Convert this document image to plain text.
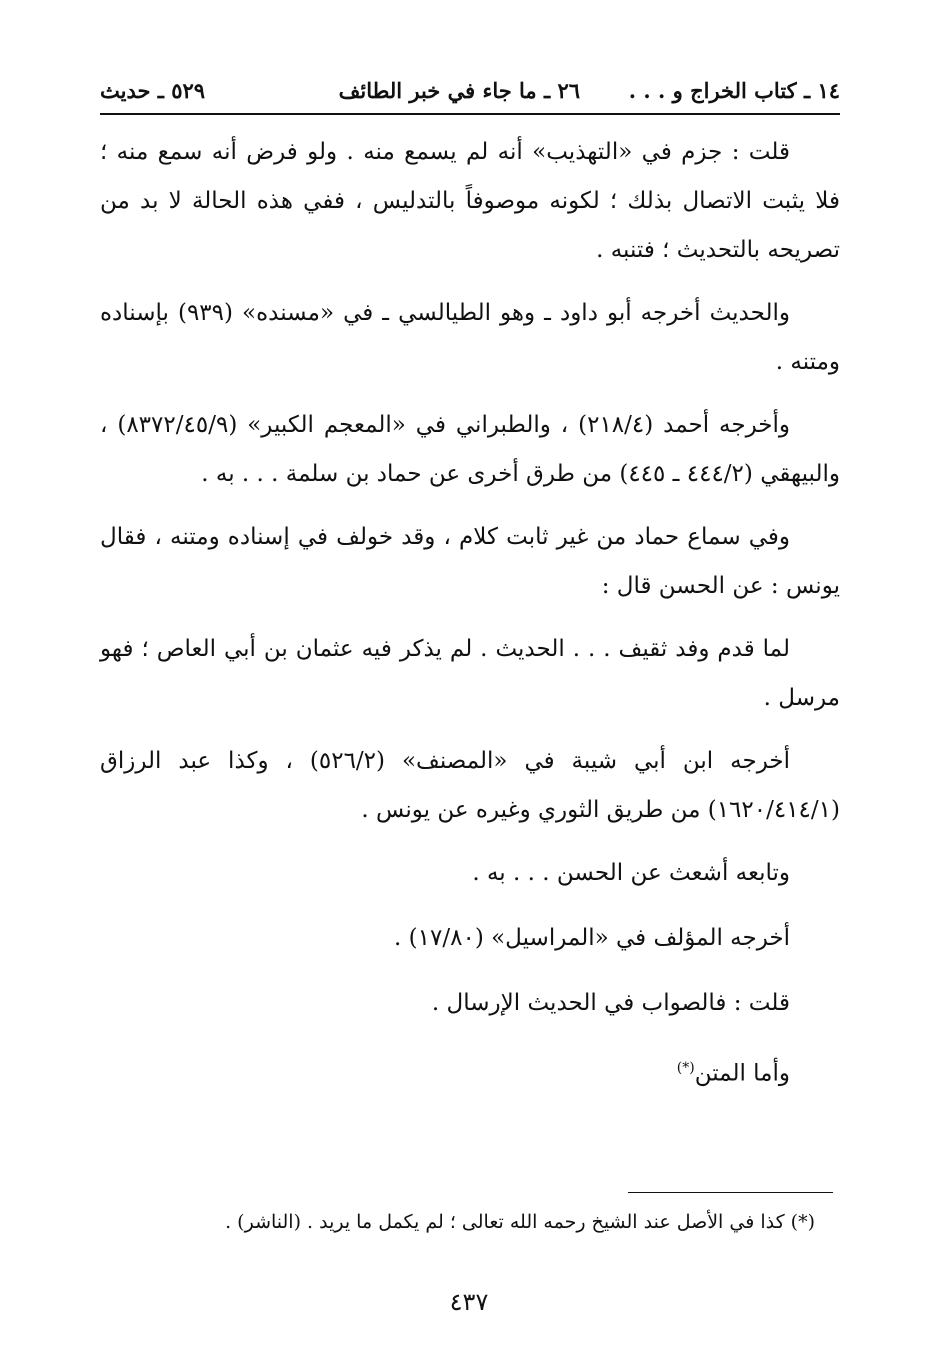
١٤ ـ كتاب الخراج و . . .
٢٦ ـ ما جاء في خبر الطائف
٥٢٩ ـ حديث

قلت : جزم في «التهذيب» أنه لم يسمع منه . ولو فرض أنه سمع منه ؛ فلا يثبت الاتصال بذلك ؛ لكونه موصوفاً بالتدليس ، ففي هذه الحالة لا بد من تصريحه بالتحديث ؛ فتنبه .

والحديث أخرجه أبو داود ـ وهو الطيالسي ـ في «مسنده» (٩٣٩) بإسناده ومتنه .

وأخرجه أحمد (٢١٨/٤) ، والطبراني في «المعجم الكبير» (٨٣٧٢/٤٥/٩) ، والبيهقي (٤٤٤/٢ ـ ٤٤٥) من طرق أخرى عن حماد بن سلمة . . . به .

وفي سماع حماد من غير ثابت كلام ، وقد خولف في إسناده ومتنه ، فقال يونس : عن الحسن قال :

لما قدم وفد ثقيف . . . الحديث . لم يذكر فيه عثمان بن أبي العاص ؛ فهو مرسل .

أخرجه ابن أبي شيبة في «المصنف» (٥٢٦/٢) ، وكذا عبد الرزاق (١٦٢٠/٤١٤/١) من طريق الثوري وغيره عن يونس .

وتابعه أشعث عن الحسن . . . به .

أخرجه المؤلف في «المراسيل» (١٧/٨٠) .

قلت : فالصواب في الحديث الإرسال .

وأما المتن(*)

(*) كذا في الأصل عند الشيخ رحمه الله تعالى ؛ لم يكمل ما يريد . (الناشر) .
٤٣٧
